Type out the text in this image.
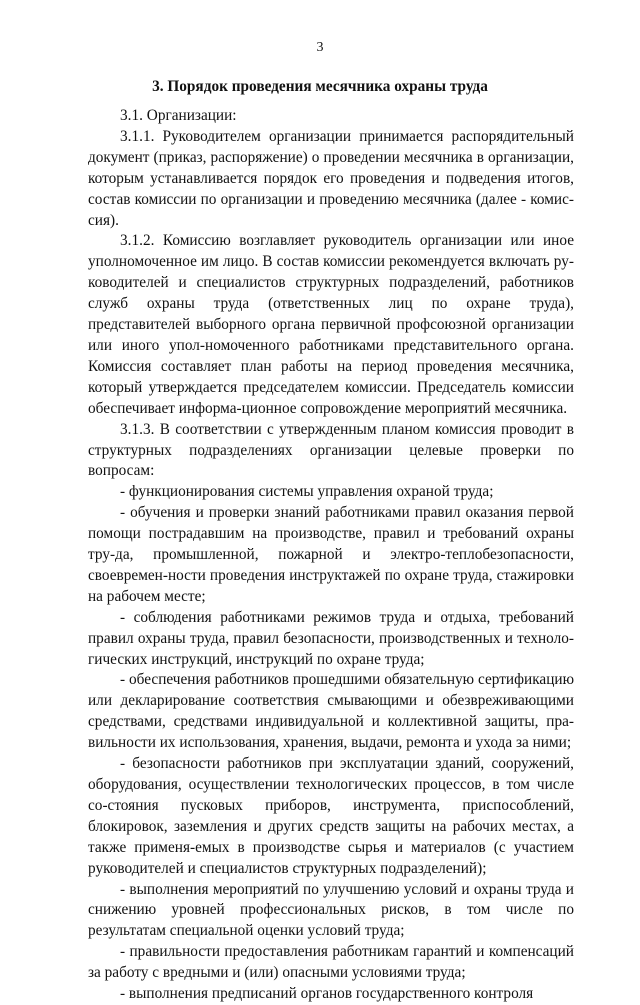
3
3. Порядок проведения месячника охраны труда

3.1. Организации:

3.1.1. Руководителем организации принимается распорядительный документ (приказ, распоряжение) о проведении месячника в организации, которым устанавливается порядок его проведения и подведения итогов, состав комиссии по организации и проведению месячника (далее - комис-сия).

3.1.2. Комиссию возглавляет руководитель организации или иное уполномоченное им лицо. В состав комиссии рекомендуется включать ру-ководителей и специалистов структурных подразделений, работников служб охраны труда (ответственных лиц по охране труда), представителей выборного органа первичной профсоюзной организации или иного упол-номоченного работниками представительного органа. Комиссия составляет план работы на период проведения месячника, который утверждается председателем комиссии. Председатель комиссии обеспечивает информа-ционное сопровождение мероприятий месячника.

3.1.3. В соответствии с утвержденным планом комиссия проводит в структурных подразделениях организации целевые проверки по вопросам:

- функционирования системы управления охраной труда;

- обучения и проверки знаний работниками правил оказания первой помощи пострадавшим на производстве, правил и требований охраны тру-да, промышленной, пожарной и электро-теплобезопасности, своевремен-ности проведения инструктажей по охране труда, стажировки на рабочем месте;

- соблюдения работниками режимов труда и отдыха, требований правил охраны труда, правил безопасности, производственных и техноло-гических инструкций, инструкций по охране труда;

- обеспечения работников прошедшими обязательную сертификацию или декларирование соответствия смывающими и обезвреживающими средствами, средствами индивидуальной и коллективной защиты, пра-вильности их использования, хранения, выдачи, ремонта и ухода за ними;

- безопасности работников при эксплуатации зданий, сооружений, оборудования, осуществлении технологических процессов, в том числе со-стояния пусковых приборов, инструмента, приспособлений, блокировок, заземления и других средств защиты на рабочих местах, а также применя-емых в производстве сырья и материалов (с участием руководителей и специалистов структурных подразделений);

- выполнения мероприятий по улучшению условий и охраны труда и снижению уровней профессиональных рисков, в том числе по результатам специальной оценки условий труда;

- правильности предоставления работникам гарантий и компенсаций за работу с вредными и (или) опасными условиями труда;

- выполнения предписаний органов государственного контроля
